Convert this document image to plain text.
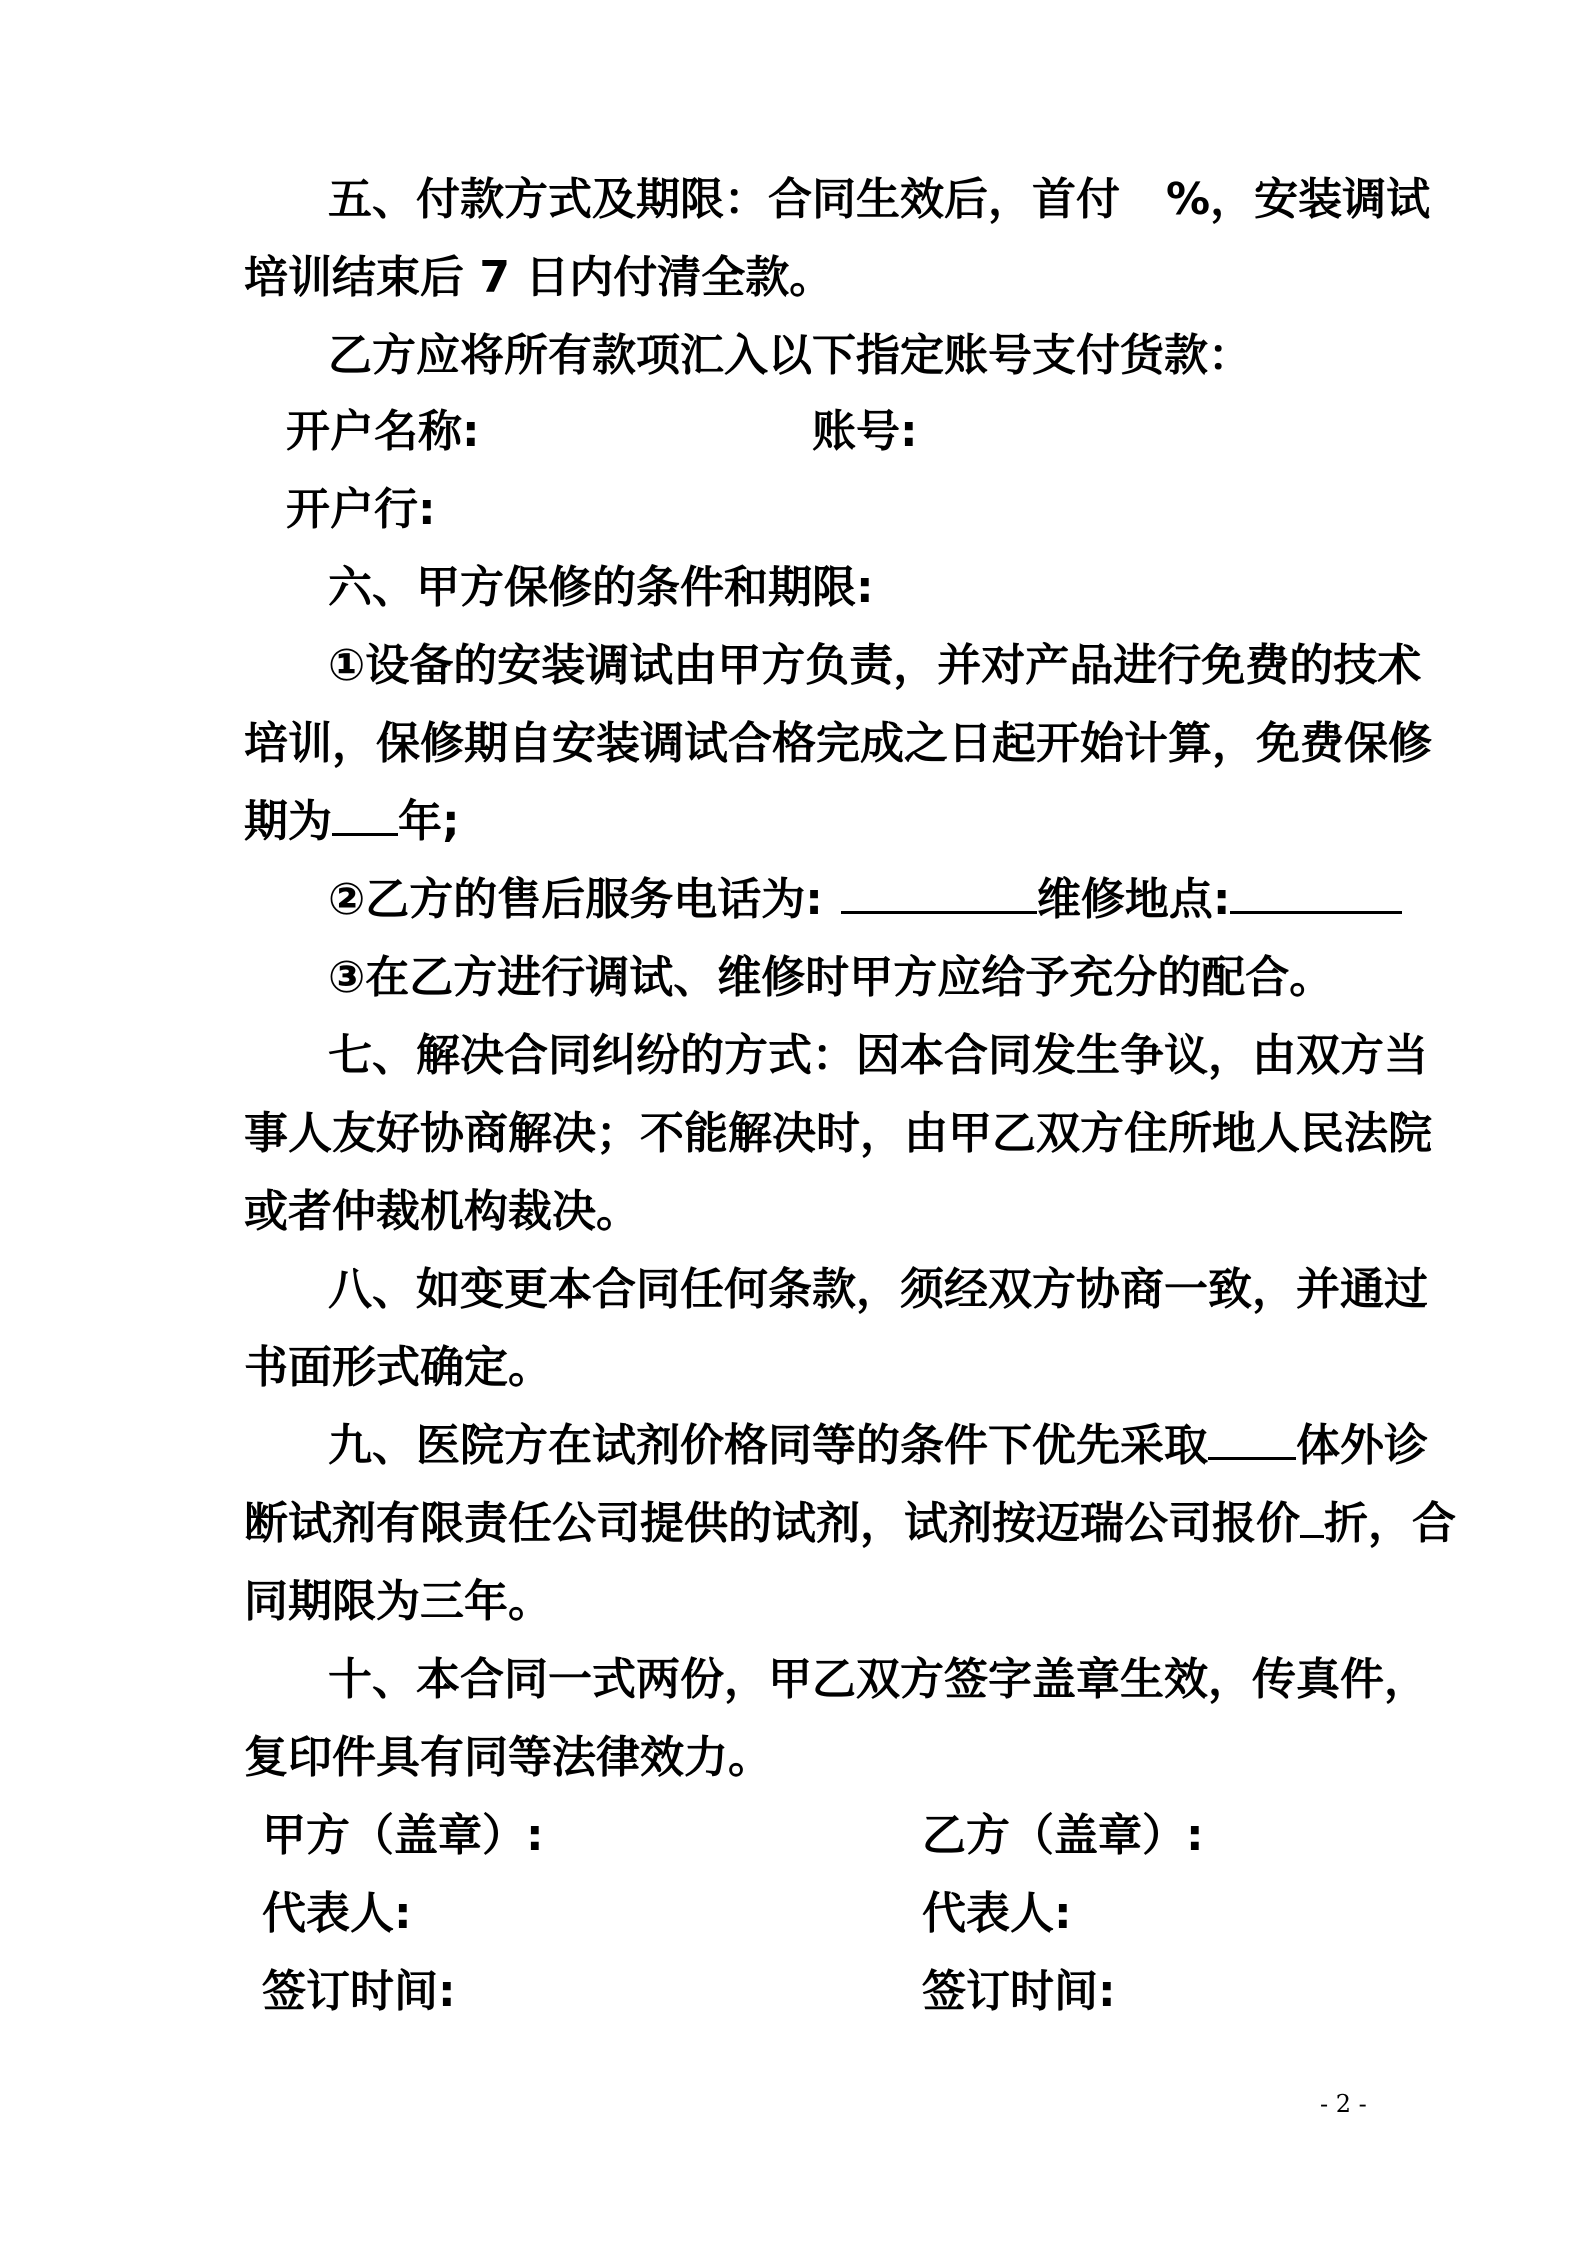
五、付款方式及期限：合同生效后，首付 %，安装调试
培训结束后 7 日内付清全款。
乙方应将所有款项汇入以下指定账号支付货款：
开户名称:	账号:
开户行:
六、甲方保修的条件和期限:
①设备的安装调试由甲方负责，并对产品进行免费的技术
培训，保修期自安装调试合格完成之日起开始计算，免费保修
期为 年;
②乙方的售后服务电话为:	维修地点:
③在乙方进行调试、维修时甲方应给予充分的配合。
七、解决合同纠纷的方式：因本合同发生争议，由双方当
事人友好协商解决；不能解决时，由甲乙双方住所地人民法院
或者仲裁机构裁决。
八、如变更本合同任何条款，须经双方协商一致，并通过
书面形式确定。
九、医院方在试剂价格同等的条件下优先采取 体外诊
断试剂有限责任公司提供的试剂，试剂按迈瑞公司报价 折，合
同期限为三年。
十、本合同一式两份，甲乙双方签字盖章生效，传真件，
复印件具有同等法律效力。
甲方（盖章）:	乙方（盖章）:
代表人:	代表人:
签订时间:	签订时间:
- 2 -
